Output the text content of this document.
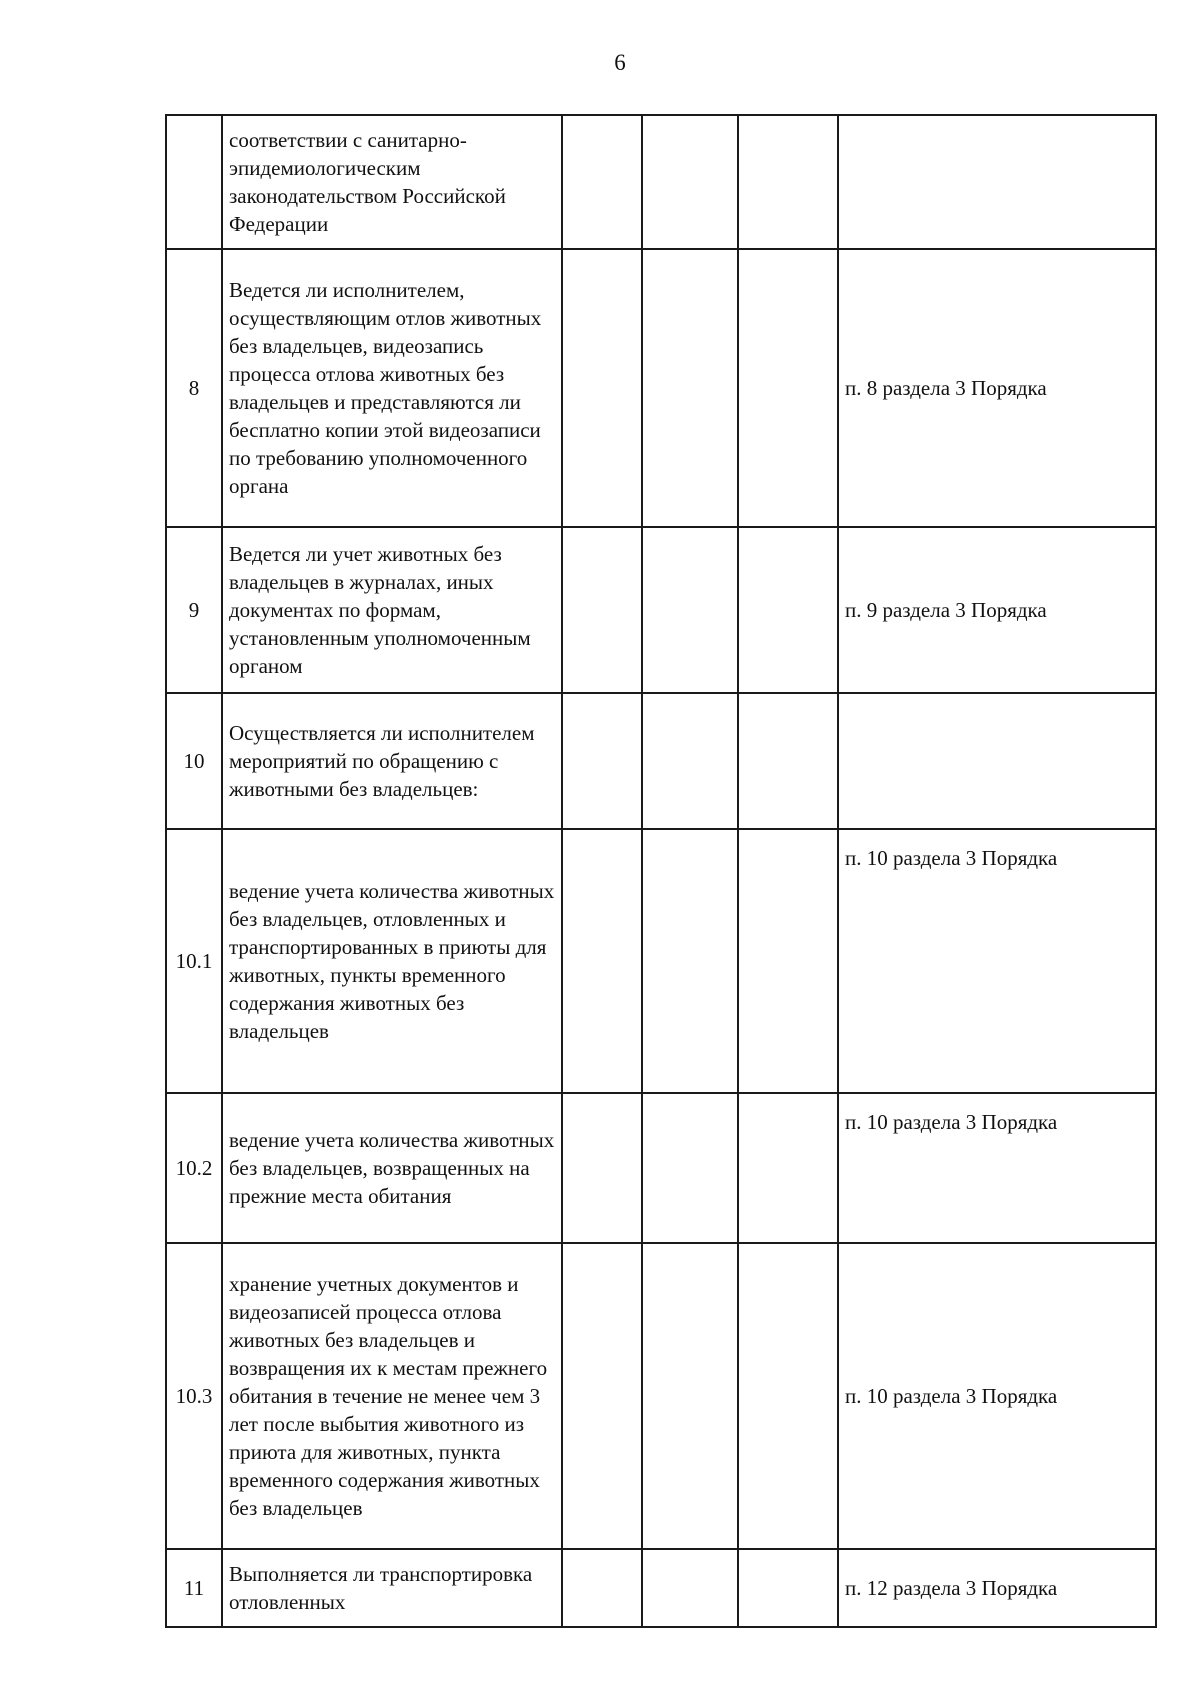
6
	соответствии с санитарно-эпидемиологическим законодательством Российской Федерации				
8	Ведется ли исполнителем, осуществляющим отлов животных без владельцев, видеозапись процесса отлова животных без владельцев и представляются ли бесплатно копии этой видеозаписи по требованию уполномоченного органа				п. 8 раздела 3 Порядка
9	Ведется ли учет животных без владельцев в журналах, иных документах по формам, установленным уполномоченным органом				п. 9 раздела 3 Порядка
10	Осуществляется ли исполнителем мероприятий по обращению с животными без владельцев:				
10.1	ведение учета количества животных без владельцев, отловленных и транспортированных в приюты для животных, пункты временного содержания животных без владельцев				п. 10 раздела 3 Порядка
10.2	ведение учета количества животных без владельцев, возвращенных на прежние места обитания				п. 10 раздела 3 Порядка
10.3	хранение учетных документов и видеозаписей процесса отлова животных без владельцев и возвращения их к местам прежнего обитания в течение не менее чем 3 лет после выбытия животного из приюта для животных, пункта временного содержания животных без владельцев				п. 10 раздела 3 Порядка
11	Выполняется ли транспортировка отловленных				п. 12 раздела 3 Порядка
